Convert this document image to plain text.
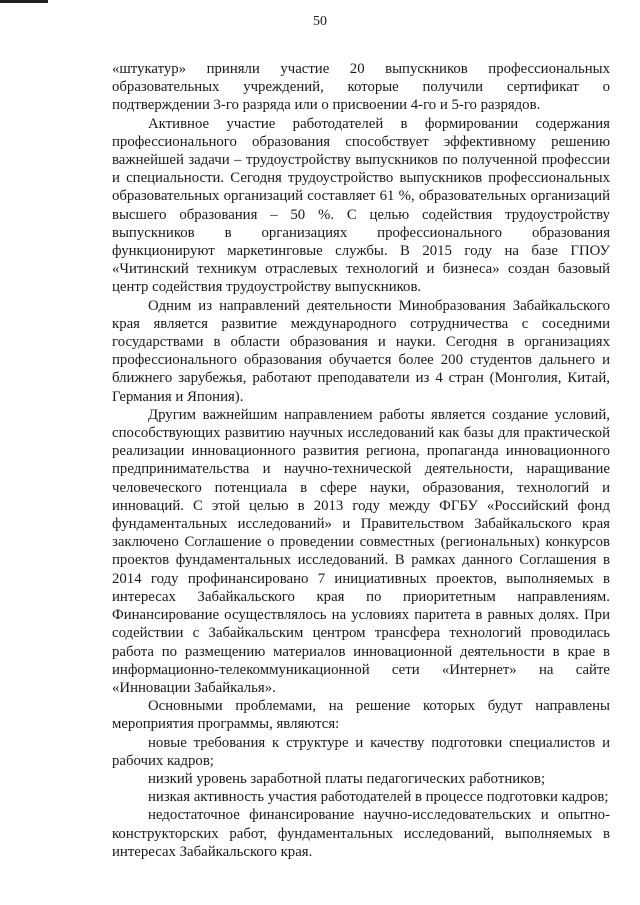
50

«штукатур» приняли участие 20 выпускников профессиональных образовательных учреждений, которые получили сертификат о подтверждении 3-го разряда или о присвоении 4-го и 5-го разрядов.

Активное участие работодателей в формировании содержания профессионального образования способствует эффективному решению важнейшей задачи – трудоустройству выпускников по полученной профессии и специальности. Сегодня трудоустройство выпускников профессиональных образовательных организаций составляет 61 %, образовательных организаций высшего образования – 50 %. С целью содействия трудоустройству выпускников в организациях профессионального образования функционируют маркетинговые службы. В 2015 году на базе ГПОУ «Читинский техникум отраслевых технологий и бизнеса» создан базовый центр содействия трудоустройству выпускников.

Одним из направлений деятельности Минобразования Забайкальского края является развитие международного сотрудничества с соседними государствами в области образования и науки. Сегодня в организациях профессионального образования обучается более 200 студентов дальнего и ближнего зарубежья, работают преподаватели из 4 стран (Монголия, Китай, Германия и Япония).

Другим важнейшим направлением работы является создание условий, способствующих развитию научных исследований как базы для практической реализации инновационного развития региона, пропаганда инновационного предпринимательства и научно-технической деятельности, наращивание человеческого потенциала в сфере науки, образования, технологий и инноваций. С этой целью в 2013 году между ФГБУ «Российский фонд фундаментальных исследований» и Правительством Забайкальского края заключено Соглашение о проведении совместных (региональных) конкурсов проектов фундаментальных исследований. В рамках данного Соглашения в 2014 году профинансировано 7 инициативных проектов, выполняемых в интересах Забайкальского края по приоритетным направлениям. Финансирование осуществлялось на условиях паритета в равных долях. При содействии с Забайкальским центром трансфера технологий проводилась работа по размещению материалов инновационной деятельности в крае в информационно-телекоммуникационной сети «Интернет» на сайте «Инновации Забайкалья».

Основными проблемами, на решение которых будут направлены мероприятия программы, являются:

новые требования к структуре и качеству подготовки специалистов и рабочих кадров;

низкий уровень заработной платы педагогических работников;

низкая активность участия работодателей в процессе подготовки кадров;

недостаточное финансирование научно-исследовательских и опытно-конструкторских работ, фундаментальных исследований, выполняемых в интересах Забайкальского края.
